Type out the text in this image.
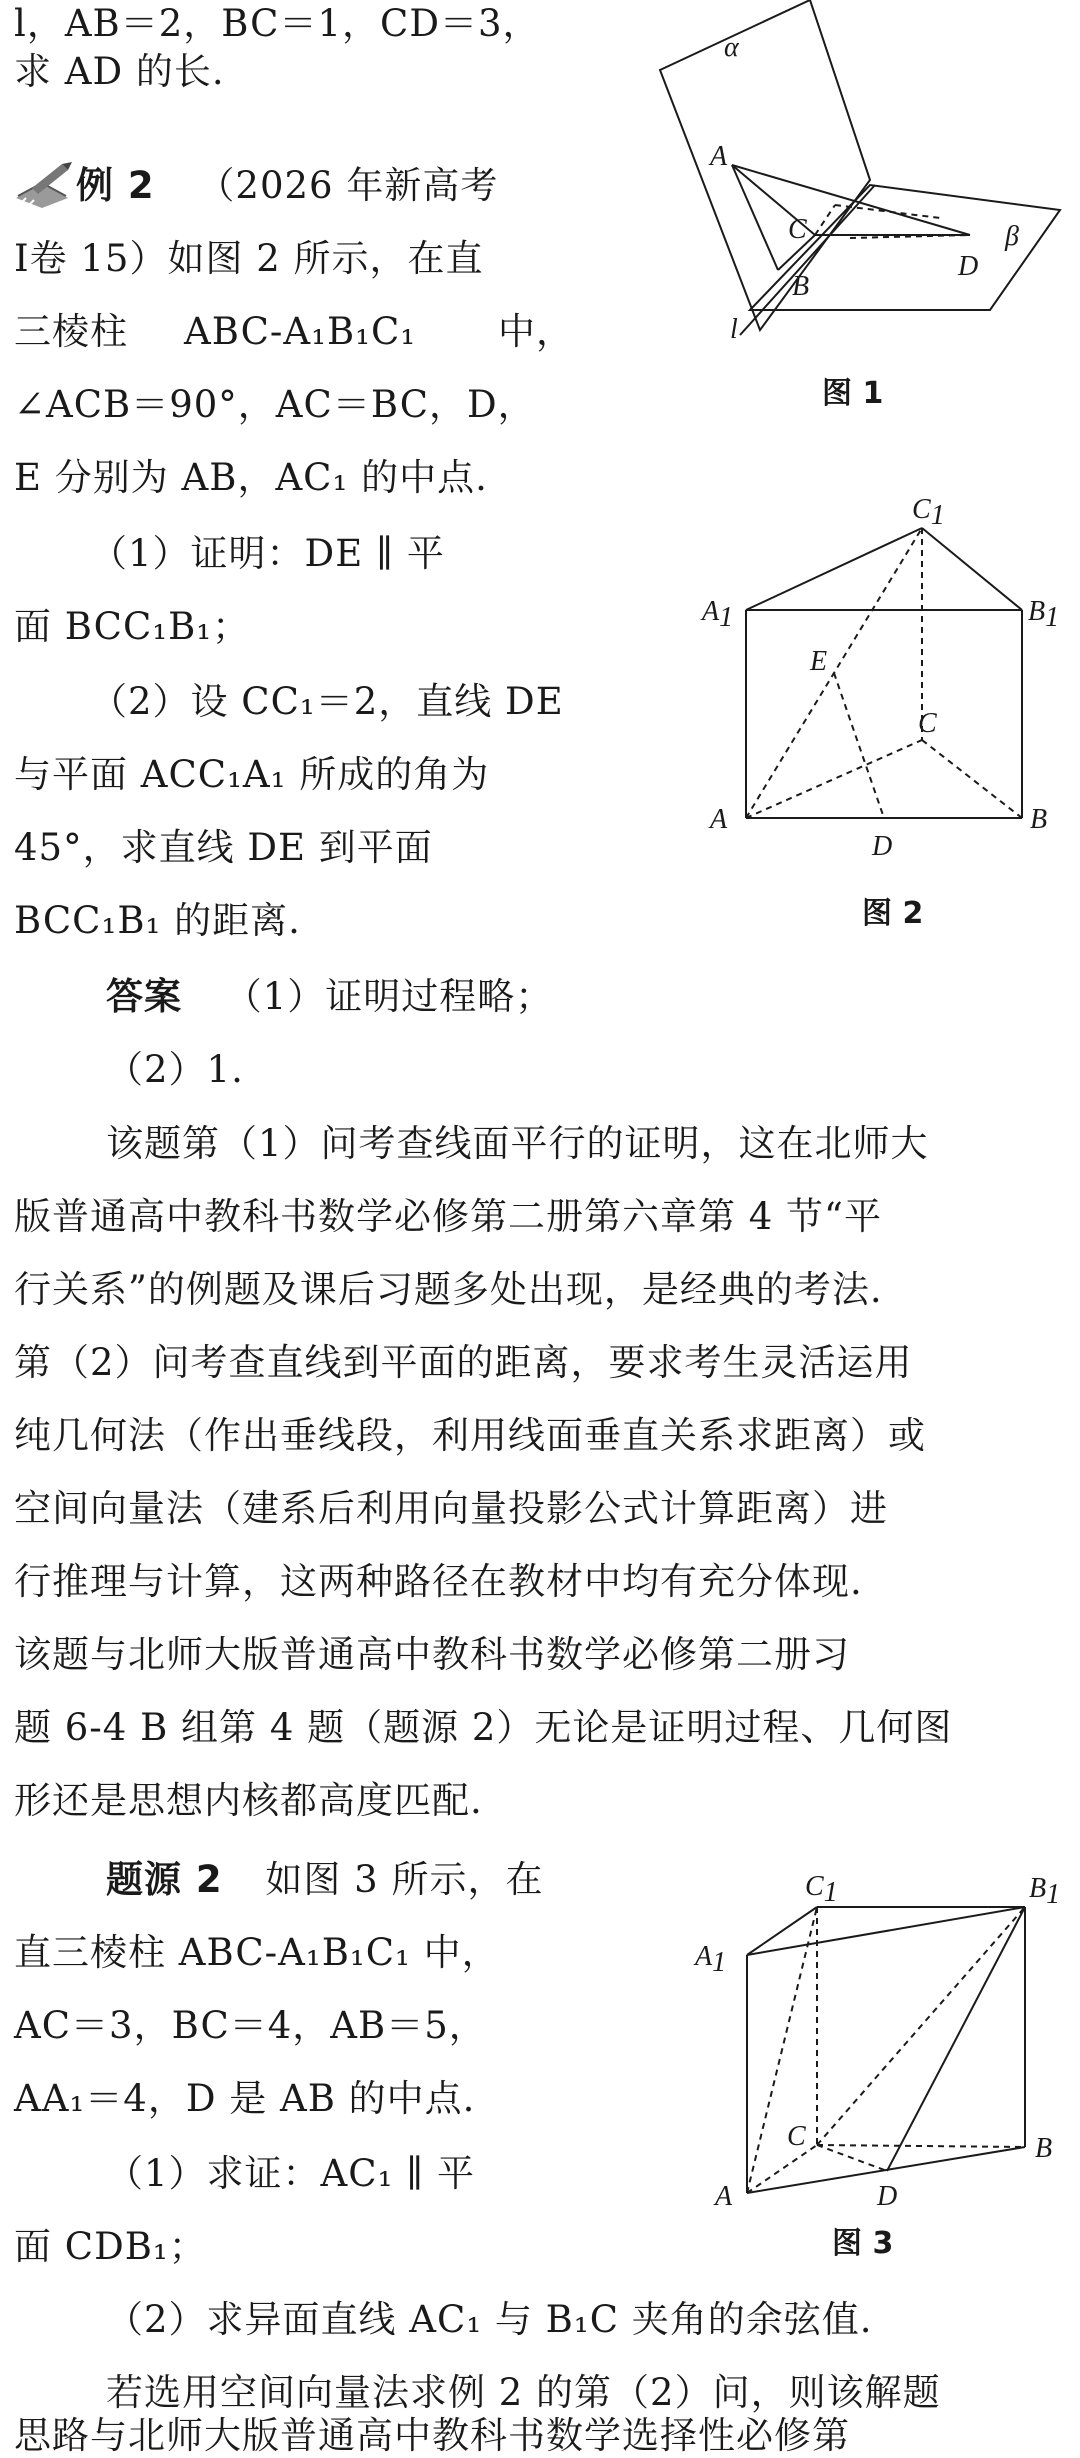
l，AB＝2，BC＝1，CD＝3，
求 AD 的长.
例 2 （2026 年新高考
Ⅰ卷 15）如图 2 所示，在直
三棱柱 ABC-A₁B₁C₁ 中，
∠ACB＝90°，AC＝BC，D，
E 分别为 AB，AC₁ 的中点.
（1）证明：DE ∥ 平
面 BCC₁B₁；
（2）设 CC₁＝2，直线 DE
与平面 ACC₁A₁ 所成的角为
45°，求直线 DE 到平面
BCC₁B₁ 的距离.
答案 （1）证明过程略；
（2）1.
该题第（1）问考查线面平行的证明，这在北师大
版普通高中教科书数学必修第二册第六章第 4 节“平
行关系”的例题及课后习题多处出现，是经典的考法.
第（2）问考查直线到平面的距离，要求考生灵活运用
纯几何法（作出垂线段，利用线面垂直关系求距离）或
空间向量法（建系后利用向量投影公式计算距离）进
行推理与计算，这两种路径在教材中均有充分体现.
该题与北师大版普通高中教科书数学必修第二册习
题 6-4 B 组第 4 题（题源 2）无论是证明过程、几何图
形还是思想内核都高度匹配.
题源 2 如图 3 所示，在
直三棱柱 ABC-A₁B₁C₁ 中，
AC＝3，BC＝4，AB＝5，
AA₁＝4，D 是 AB 的中点.
（1）求证：AC₁ ∥ 平
面 CDB₁；
（2）求异面直线 AC₁ 与 B₁C 夹角的余弦值.
若选用空间向量法求例 2 的第（2）问，则该解题
思路与北师大版普通高中教科书数学选择性必修第
α
A
C
D
β
B
l
图 1
C1
A1	B1
E
C
A
D
B
图 2
C1	B1
A1
C	B
D
A
图 3
